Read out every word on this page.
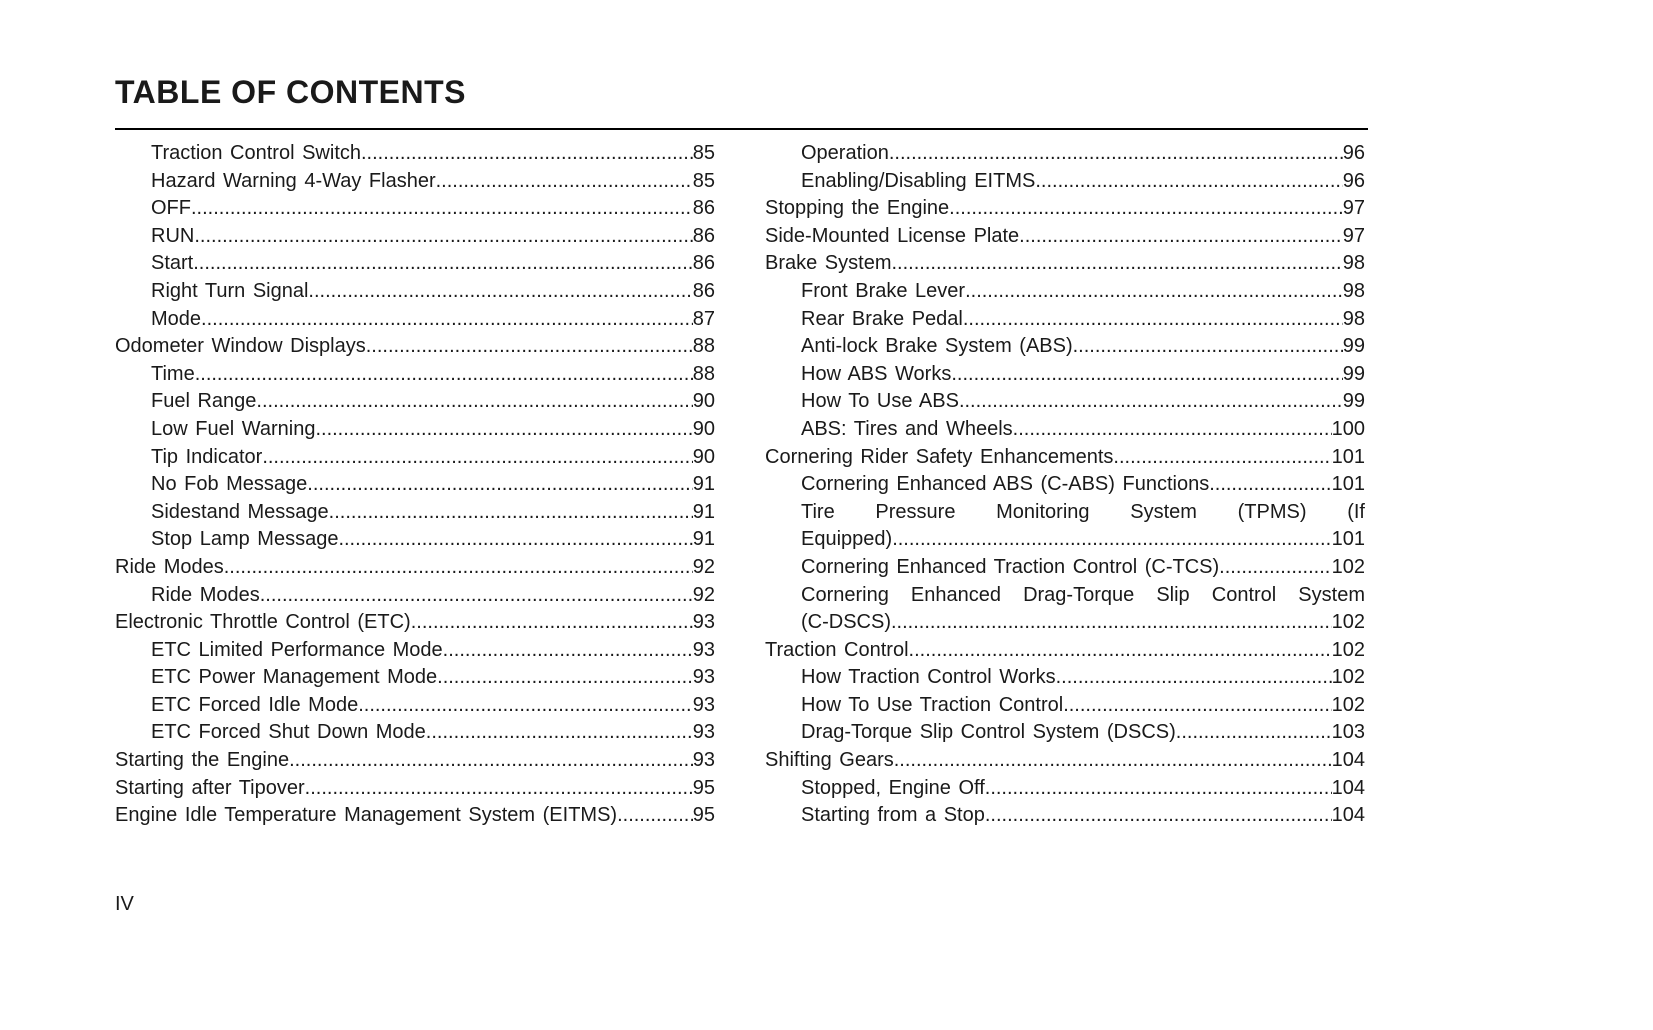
TABLE OF CONTENTS
Traction Control Switch .....	85
Hazard Warning 4-Way Flasher .....	85
OFF .....	86
RUN .....	86
Start .....	86
Right Turn Signal .....	86
Mode .....	87
Odometer Window Displays .....	88
Time .....	88
Fuel Range .....	90
Low Fuel Warning .....	90
Tip Indicator .....	90
No Fob Message .....	91
Sidestand Message .....	91
Stop Lamp Message .....	91
Ride Modes .....	92
Ride Modes .....	92
Electronic Throttle Control (ETC) .....	93
ETC Limited Performance Mode .....	93
ETC Power Management Mode .....	93
ETC Forced Idle Mode .....	93
ETC Forced Shut Down Mode .....	93
Starting the Engine .....	93
Starting after Tipover .....	95
Engine Idle Temperature Management System (EITMS) .....	95
Operation .....	96
Enabling/Disabling EITMS .....	96
Stopping the Engine .....	97
Side-Mounted License Plate .....	97
Brake System .....	98
Front Brake Lever .....	98
Rear Brake Pedal .....	98
Anti-lock Brake System (ABS) .....	99
How ABS Works .....	99
How To Use ABS .....	99
ABS: Tires and Wheels .....	100
Cornering Rider Safety Enhancements .....	101
Cornering Enhanced ABS (C-ABS) Functions .....	101
Tire Pressure Monitoring System (TPMS) (If
Equipped) .....	101
Cornering Enhanced Traction Control (C-TCS) .....	102
Cornering Enhanced Drag-Torque Slip Control System
(C-DSCS) .....	102
Traction Control .....	102
How Traction Control Works .....	102
How To Use Traction Control .....	102
Drag-Torque Slip Control System (DSCS) .....	103
Shifting Gears .....	104
Stopped, Engine Off .....	104
Starting from a Stop .....	104
IV
